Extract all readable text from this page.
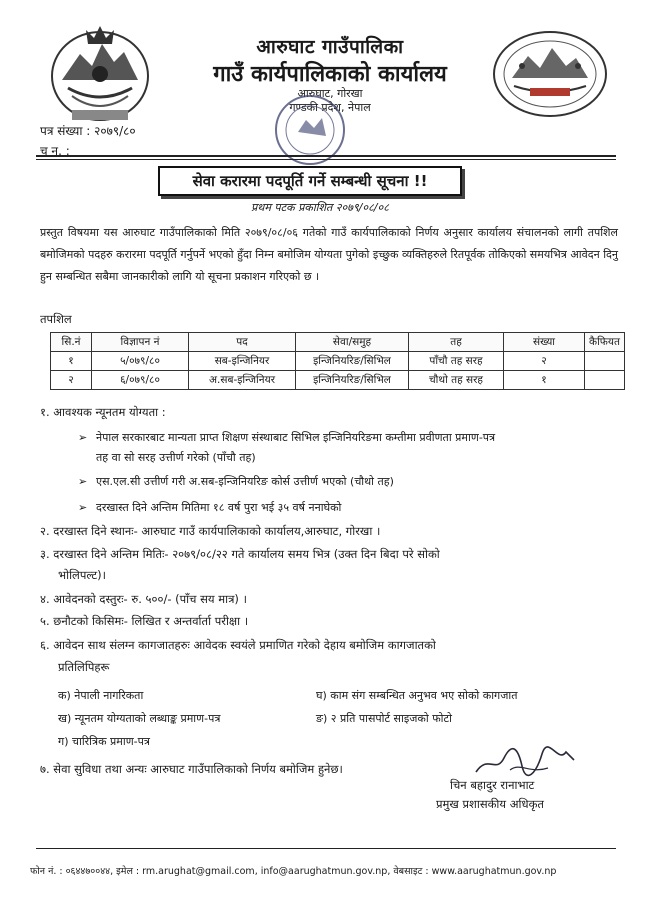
आरुघाट गाउँपालिका
गाउँ कार्यपालिकाको कार्यालय
आरुघाट, गोरखा
गण्डकी प्रदेश, नेपाल
पत्र संख्या : २०७९/८०
च न. :
सेवा करारमा पदपूर्ति गर्ने सम्बन्धी सूचना !!
प्रथम पटक प्रकाशित २०७९/०८/०८
प्रस्तुत विषयमा यस आरुघाट गाउँपालिकाको मिति २०७९/०८/०६ गतेको गाउँ कार्यपालिकाको निर्णय अनुसार कार्यालय संचालनको लागी तपशिल बमोजिमको पदहरु करारमा पदपूर्ति गर्नुपर्ने भएको हुँदा निम्न बमोजिम योग्यता पुगेको इच्छुक व्यक्तिहरुले रितपूर्वक तोकिएको समयभित्र आवेदन दिनु हुन सम्बन्धित सबैमा जानकारीको लागि यो सूचना प्रकाशन गरिएको छ ।
तपशिल
सि.नं	विज्ञापन नं	पद	सेवा/समुह	तह	संख्या	कैफियत
१	५/०७९/८०	सब-इन्जिनियर	इन्जिनियरिङ/सिभिल	पाँचौ तह सरह	२	
२	६/०७९/८०	अ.सब-इन्जिनियर	इन्जिनियरिङ/सिभिल	चौथो तह सरह	१	
१. आवश्यक न्यूनतम योग्यता :
➢ नेपाल सरकारबाट मान्यता प्राप्त शिक्षण संस्थाबाट सिभिल इन्जिनियरिङमा कम्तीमा प्रवीणता प्रमाण-पत्र
तह वा सो सरह उत्तीर्ण गरेको (पाँचौ तह)
➢ एस.एल.सी उत्तीर्ण गरी अ.सब-इन्जिनियरिङ कोर्स उत्तीर्ण भएको (चौथो तह)
➢ दरखास्त दिने अन्तिम मितिमा १८ वर्ष पुरा भई ३५ वर्ष ननाघेको
२. दरखास्त दिने स्थानः- आरुघाट गाउँ कार्यपालिकाको कार्यालय,आरुघाट, गोरखा ।
३. दरखास्त दिने अन्तिम मितिः- २०७९/०८/२२ गते कार्यालय समय भित्र (उक्त दिन बिदा परे सोको
भोलिपल्ट)।
४. आवेदनको दस्तुरः- रु. ५००/- (पाँच सय मात्र) ।
५. छनौटको किसिमः- लिखित र अन्तर्वार्ता परीक्षा ।
६. आवेदन साथ संलग्न कागजातहरुः आवेदक स्वयंले प्रमाणित गरेको देहाय बमोजिम कागजातको
प्रतिलिपिहरू
क) नेपाली नागरिकता	घ) काम संग सम्बन्धित अनुभव भए सोको कागजात
ख) न्यूनतम योग्यताको लब्धाङ्क प्रमाण-पत्र	ङ) २ प्रति पासपोर्ट साइजको फोटो
ग) चारित्रिक प्रमाण-पत्र
७. सेवा सुविधा तथा अन्यः आरुघाट गाउँपालिकाको निर्णय बमोजिम हुनेछ।
चिन बहादुर रानाभाट
प्रमुख प्रशासकीय अधिकृत
फोन नं. : ०६४४७००४४, इमेल : rm.arughat@gmail.com, info@aarughatmun.gov.np, वेबसाइट : www.aarughatmun.gov.np
